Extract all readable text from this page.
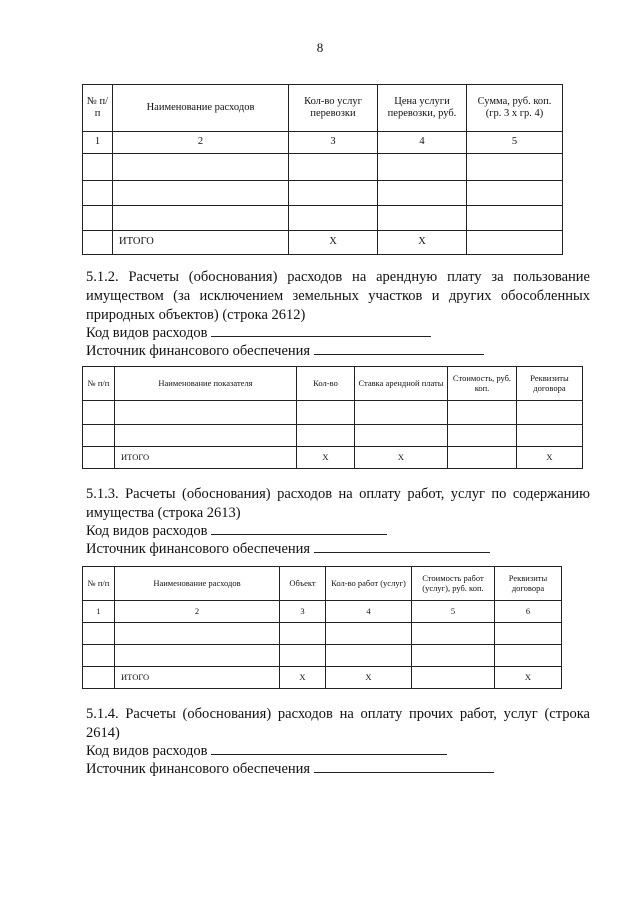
8
№ п/п	Наименование расходов	Кол-во услуг перевозки	Цена услуги перевозки, руб.	Сумма, руб. коп. (гр. 3 х гр. 4)
1	2	3	4	5

	ИТОГО	Х	Х	
5.1.2. Расчеты (обоснования) расходов на арендную плату за пользование имуществом (за исключением земельных участков и других обособленных природных объектов) (строка 2612)
Код видов расходов
Источник финансового обеспечения
№ п/п	Наименование показателя	Кол-во	Ставка арендной платы	Стоимость, руб. коп.	Реквизиты договора

	ИТОГО	Х	Х		Х
5.1.3. Расчеты (обоснования) расходов на оплату работ, услуг по содержанию имущества (строка 2613)
Код видов расходов
Источник финансового обеспечения
№ п/п	Наименование расходов	Объект	Кол-во работ (услуг)	Стоимость работ (услуг), руб. коп.	Реквизиты договора
1	2	3	4	5	6

	ИТОГО	Х	Х		Х
5.1.4. Расчеты (обоснования) расходов на оплату прочих работ, услуг (строка 2614)
Код видов расходов
Источник финансового обеспечения
